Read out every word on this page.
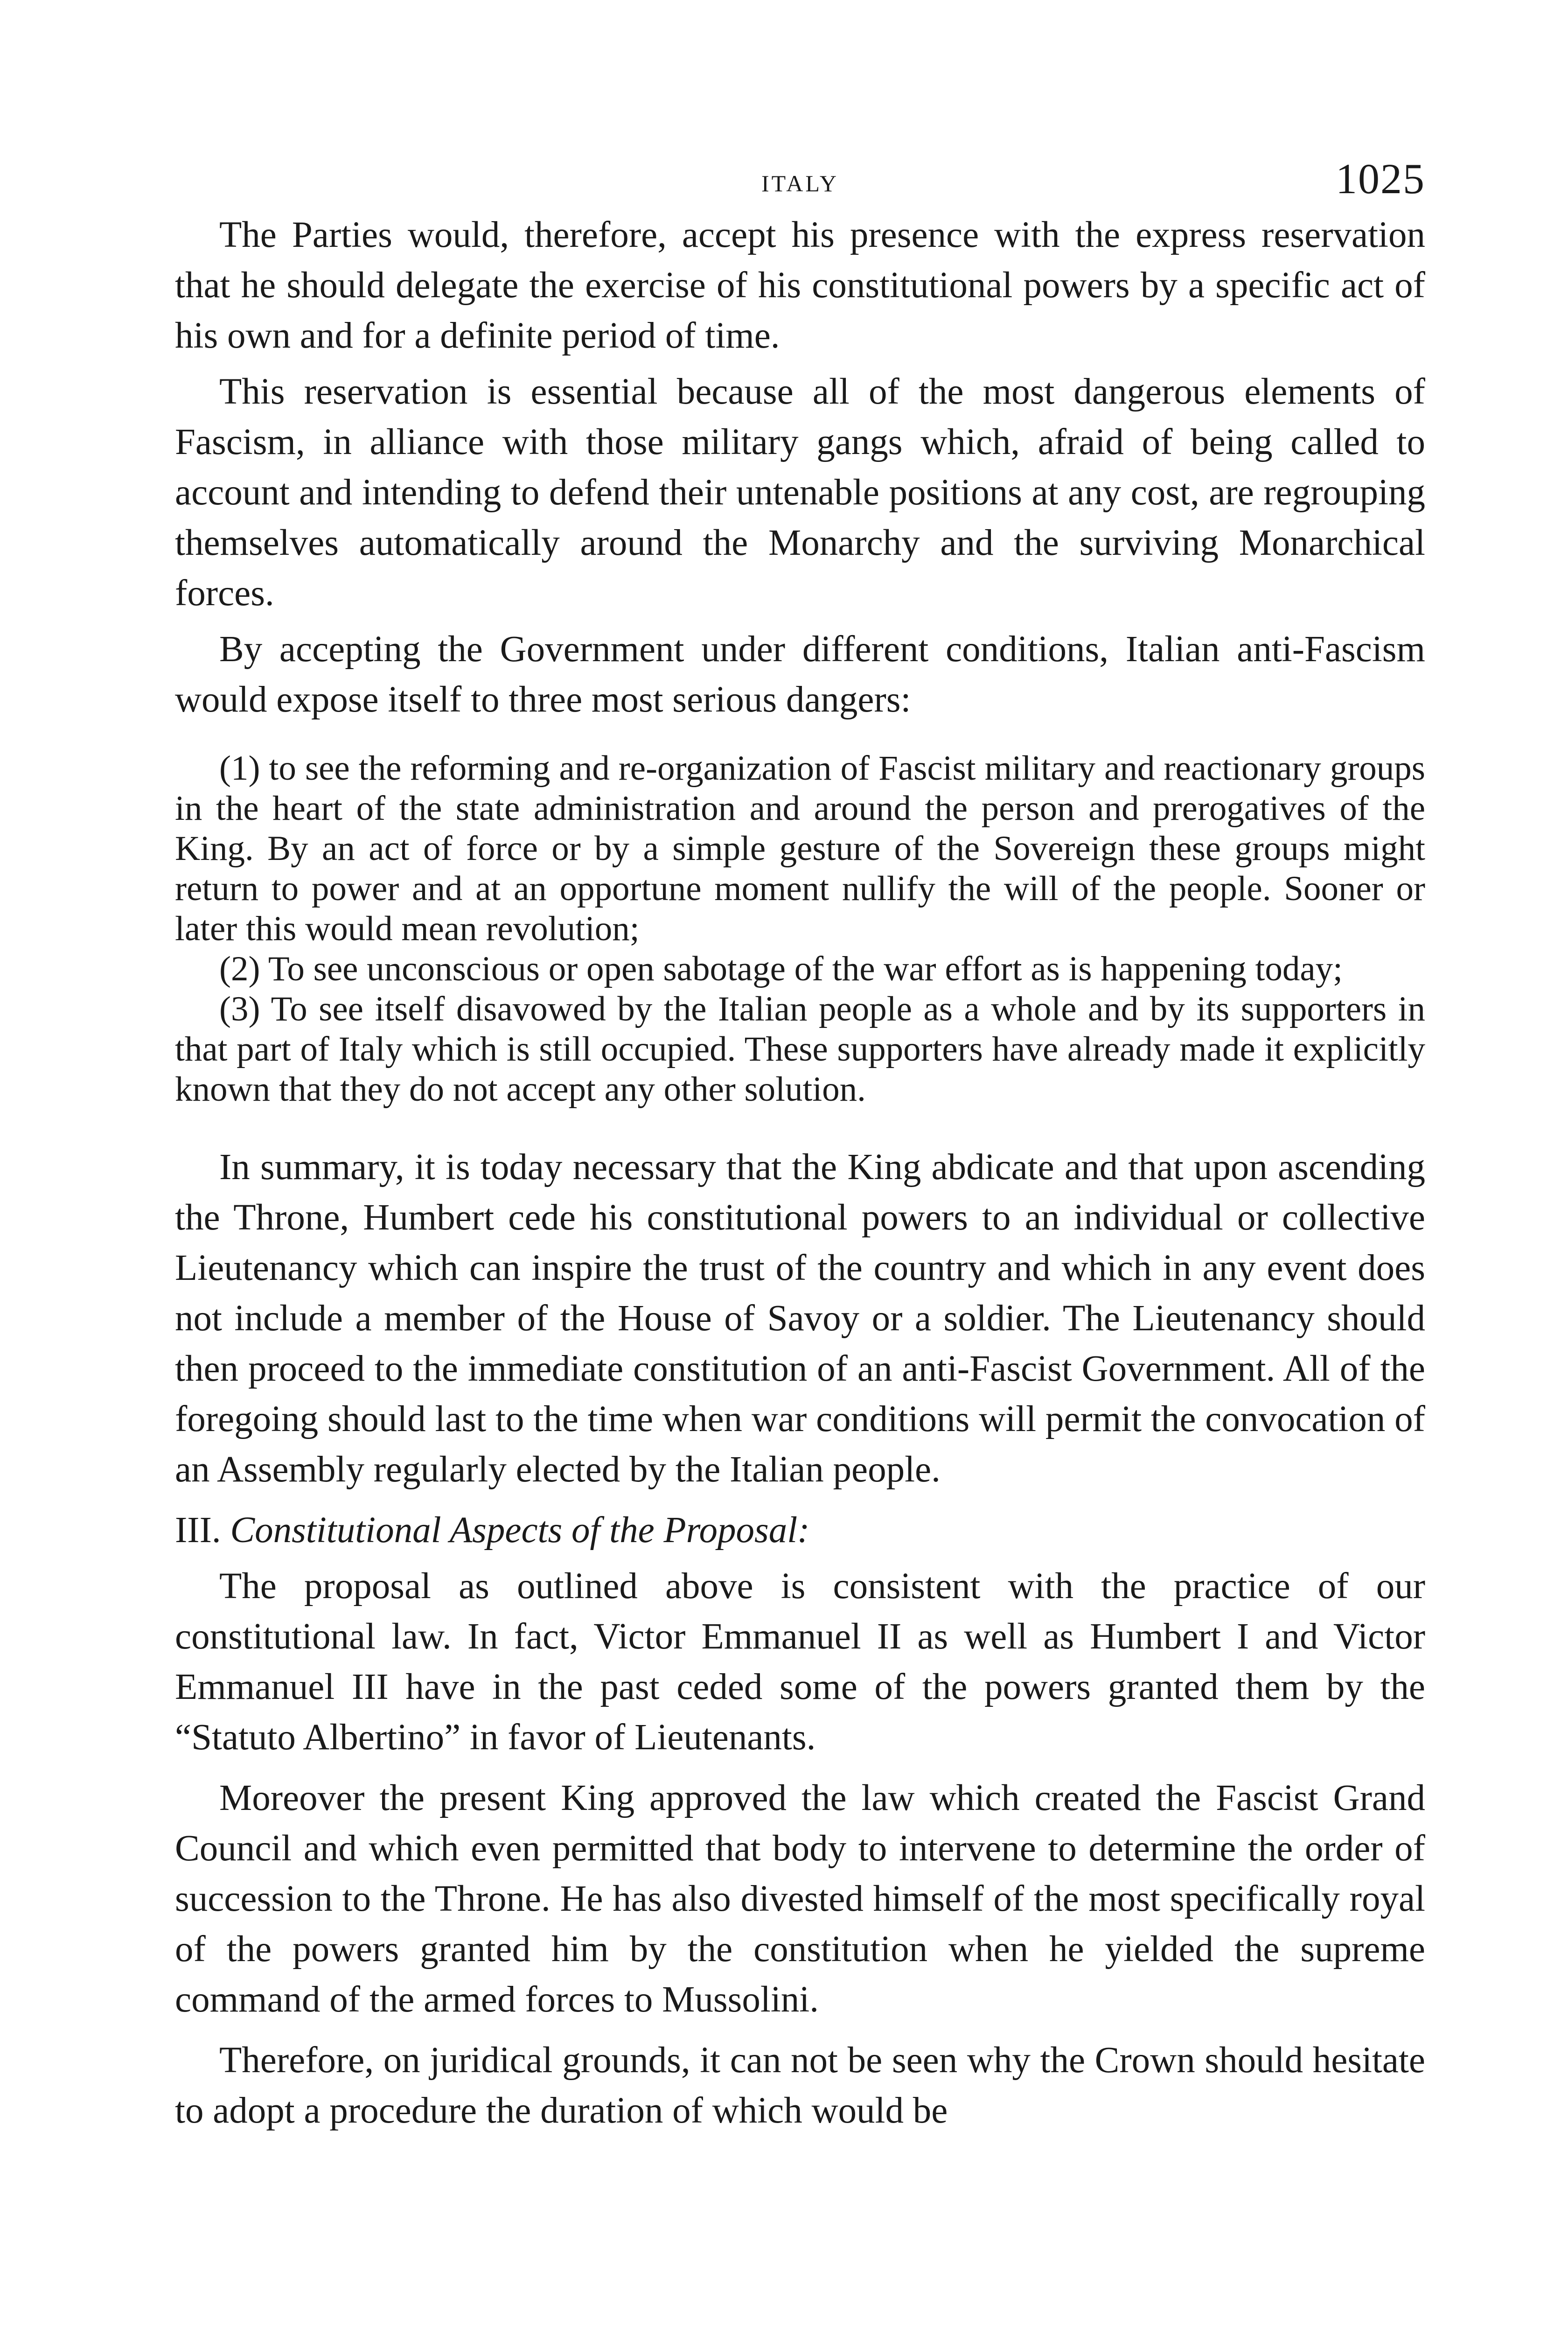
ITALY	1025

The Parties would, therefore, accept his presence with the express reservation that he should delegate the exercise of his constitutional powers by a specific act of his own and for a definite period of time.

This reservation is essential because all of the most dangerous elements of Fascism, in alliance with those military gangs which, afraid of being called to account and intending to defend their untenable positions at any cost, are regrouping themselves automatically around the Monarchy and the surviving Monarchical forces.

By accepting the Government under different conditions, Italian anti-Fascism would expose itself to three most serious dangers:

(1) to see the reforming and re-organization of Fascist military and reactionary groups in the heart of the state administration and around the person and prerogatives of the King. By an act of force or by a simple gesture of the Sovereign these groups might return to power and at an opportune moment nullify the will of the people. Sooner or later this would mean revolution;

(2) To see unconscious or open sabotage of the war effort as is happening today;

(3) To see itself disavowed by the Italian people as a whole and by its supporters in that part of Italy which is still occupied. These supporters have already made it explicitly known that they do not accept any other solution.

In summary, it is today necessary that the King abdicate and that upon ascending the Throne, Humbert cede his constitutional powers to an individual or collective Lieutenancy which can inspire the trust of the country and which in any event does not include a member of the House of Savoy or a soldier. The Lieutenancy should then proceed to the immediate constitution of an anti-Fascist Government. All of the foregoing should last to the time when war conditions will permit the convocation of an Assembly regularly elected by the Italian people.

III. Constitutional Aspects of the Proposal:

The proposal as outlined above is consistent with the practice of our constitutional law. In fact, Victor Emmanuel II as well as Humbert I and Victor Emmanuel III have in the past ceded some of the powers granted them by the “Statuto Albertino” in favor of Lieutenants.

Moreover the present King approved the law which created the Fascist Grand Council and which even permitted that body to intervene to determine the order of succession to the Throne. He has also divested himself of the most specifically royal of the powers granted him by the constitution when he yielded the supreme command of the armed forces to Mussolini.

Therefore, on juridical grounds, it can not be seen why the Crown should hesitate to adopt a procedure the duration of which would be
